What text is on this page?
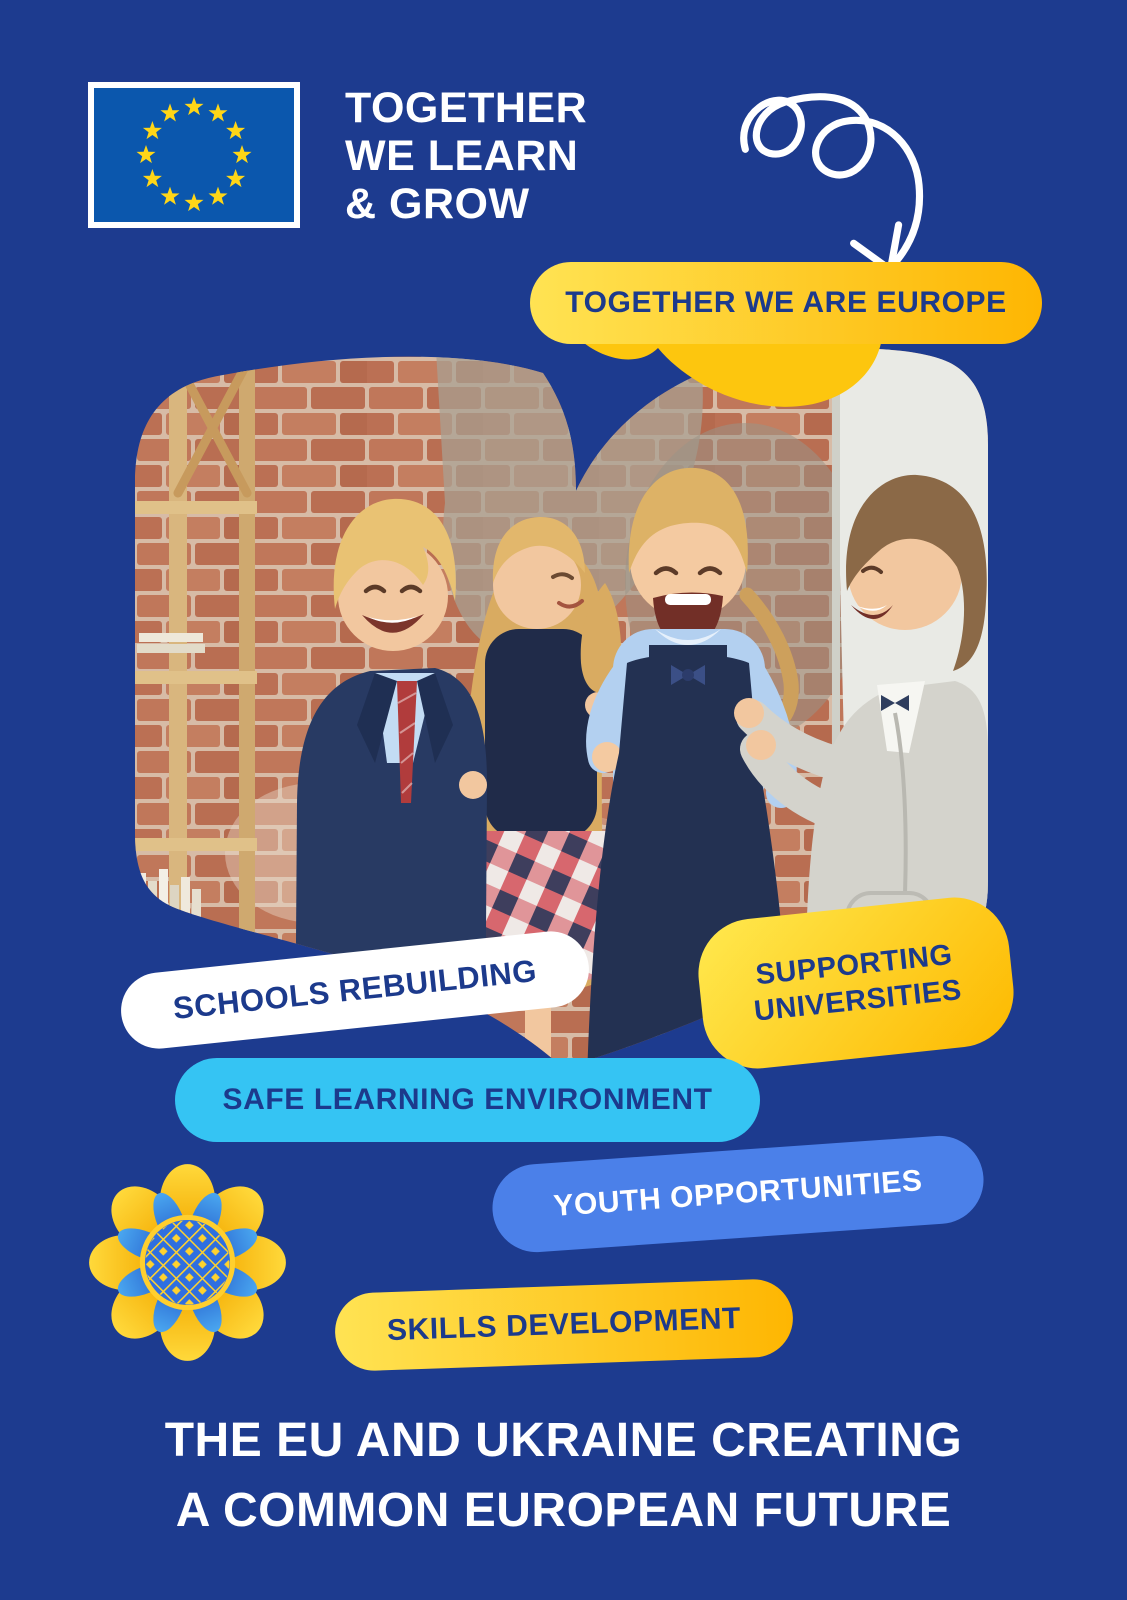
TOGETHER
WE LEARN
& GROW
TOGETHER WE ARE EUROPE
SCHOOLS REBUILDING	SUPPORTING UNIVERSITIES
SAFE LEARNING ENVIRONMENT
YOUTH OPPORTUNITIES
SKILLS DEVELOPMENT
THE EU AND UKRAINE CREATING
A COMMON EUROPEAN FUTURE
